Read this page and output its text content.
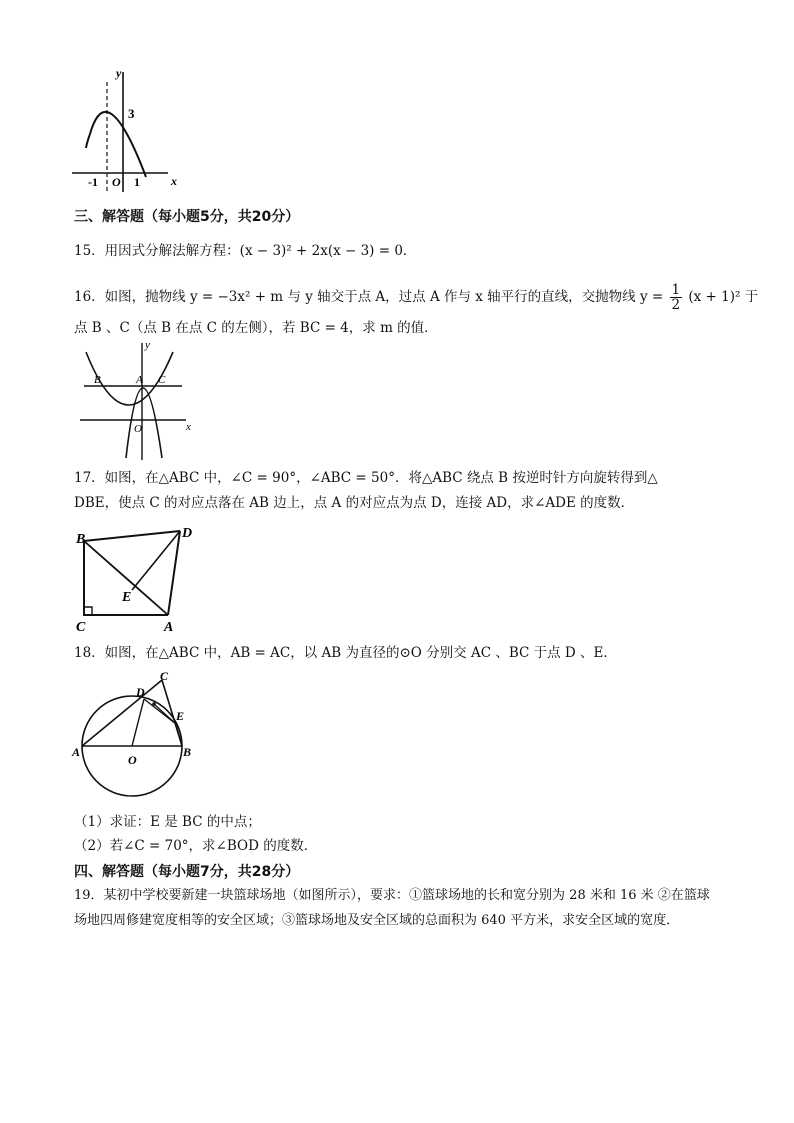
y
x
3
-1 O 1
三、解答题（每小题5分，共20分）
15．用因式分解法解方程：(x − 3)² + 2x(x − 3) = 0．
16．如图，抛物线 y = −3x² + m 与 y 轴交于点 A，过点 A 作与 x 轴平行的直线，交抛物线 $y = \frac{1}{2} (x + 1)^2$ 于
点 B 、C（点 B 在点 C 的左侧），若 BC = 4，求 m 的值．
y
x
B	A C
O
17．如图，在△ABC 中，∠C = 90°，∠ABC = 50°．将△ABC 绕点 B 按逆时针方向旋转得到△
DBE，使点 C 的对应点落在 AB 边上，点 A 的对应点为点 D，连接 AD，求∠ADE 的度数．
B	D
E
C	A
18．如图，在△ABC 中，AB = AC，以 AB 为直径的⊙O 分别交 AC 、BC 于点 D 、E．
D
C
E
A
O
B
（1）求证：E 是 BC 的中点；
（2）若∠C = 70°，求∠BOD 的度数．
四、解答题（每小题7分，共28分）
19．某初中学校要新建一块篮球场地（如图所示），要求：①篮球场地的长和宽分别为 28 米和 16 米 ②在篮球
场地四周修建宽度相等的安全区域；③篮球场地及安全区域的总面积为 640 平方米，求安全区域的宽度．
